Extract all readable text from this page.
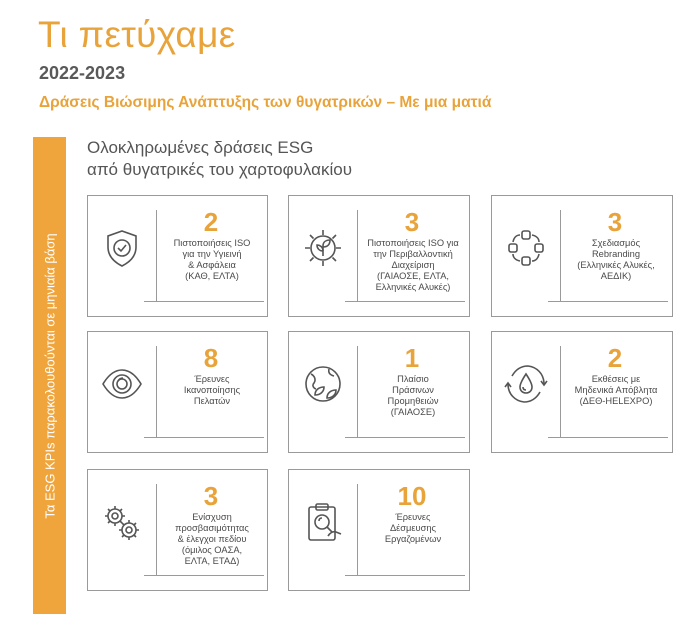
Τι πετύχαμε
2022-2023
Δράσεις Βιώσιμης Ανάπτυξης των θυγατρικών – Με μια ματιά
Τα ESG KPIs παρακολουθούνται σε μηνιαία βάση
Ολοκληρωμένες δράσεις ESG
από θυγατρικές του χαρτοφυλακίου
2
Πιστοποιήσεις ISO
για την Υγιεινή
& Ασφάλεια
(ΚΑΘ, ΕΛΤΑ)
3
Πιστοποιήσεις ISO για
την Περιβαλλοντική
Διαχείριση
(ΓΑΙΑΟΣΕ, ΕΛΤΑ,
Ελληνικές Αλυκές)
3
Σχεδιασμός
Rebranding
(Ελληνικές Αλυκές,
ΑΕΔΙΚ)
8
Έρευνες
Ικανοποίησης
Πελατών
1
Πλαίσιο
Πράσινων
Προμηθειών
(ΓΑΙΑΟΣΕ)
2
Εκθέσεις με
Μηδενικά Απόβλητα
(ΔΕΘ-HELEXPO)
3
Ενίσχυση
προσβασιμότητας
& έλεγχοι πεδίου
(όμιλος ΟΑΣΑ,
ΕΛΤΑ, ΕΤΑΔ)
10
Έρευνες
Δέσμευσης
Εργαζομένων
